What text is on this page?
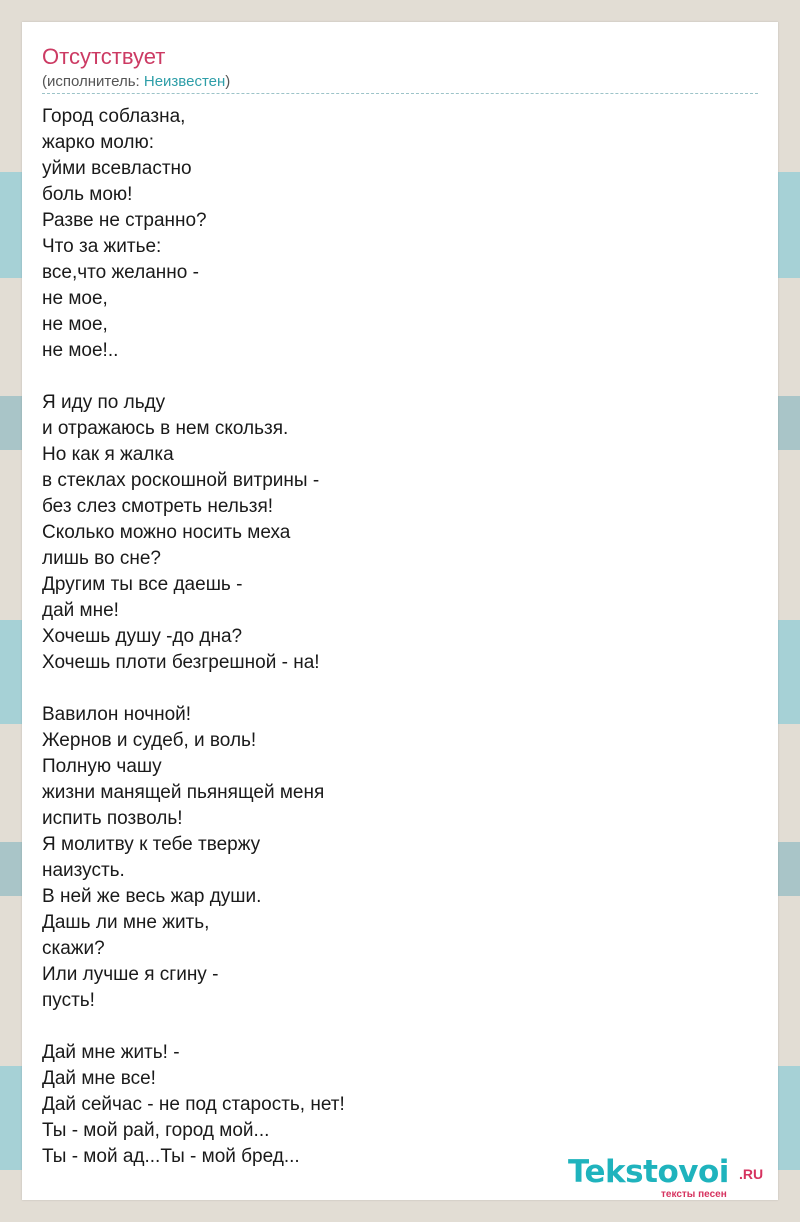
Отсутствует
(исполнитель: Неизвестен)
Город соблазна,
жарко молю:
уйми всевластно
боль мою!
Разве не странно?
Что за житье:
все,что желанно -
не мое,
не мое,
не мое!..
Я иду по льду
и отражаюсь в нем скользя.
Но как я жалка
в стеклах роскошной витрины -
без слез смотреть нельзя!
Сколько можно носить меха
лишь во сне?
Другим ты все даешь -
дай мне!
Хочешь душу -до дна?
Хочешь плоти безгрешной - на!
Вавилон ночной!
Жернов и судеб, и воль!
Полную чашу
жизни манящей пьянящей меня
испить позволь!
Я молитву к тебе твержу
наизусть.
В ней же весь жар души.
Дашь ли мне жить,
скажи?
Или лучше я сгину -
пусть!
Дай мне жить! -
Дай мне все!
Дай сейчас - не под старость, нет!
Ты - мой рай, город мой...
Ты - мой ад...Ты - мой бред...	Tekstovoi .RU
тексты песен
